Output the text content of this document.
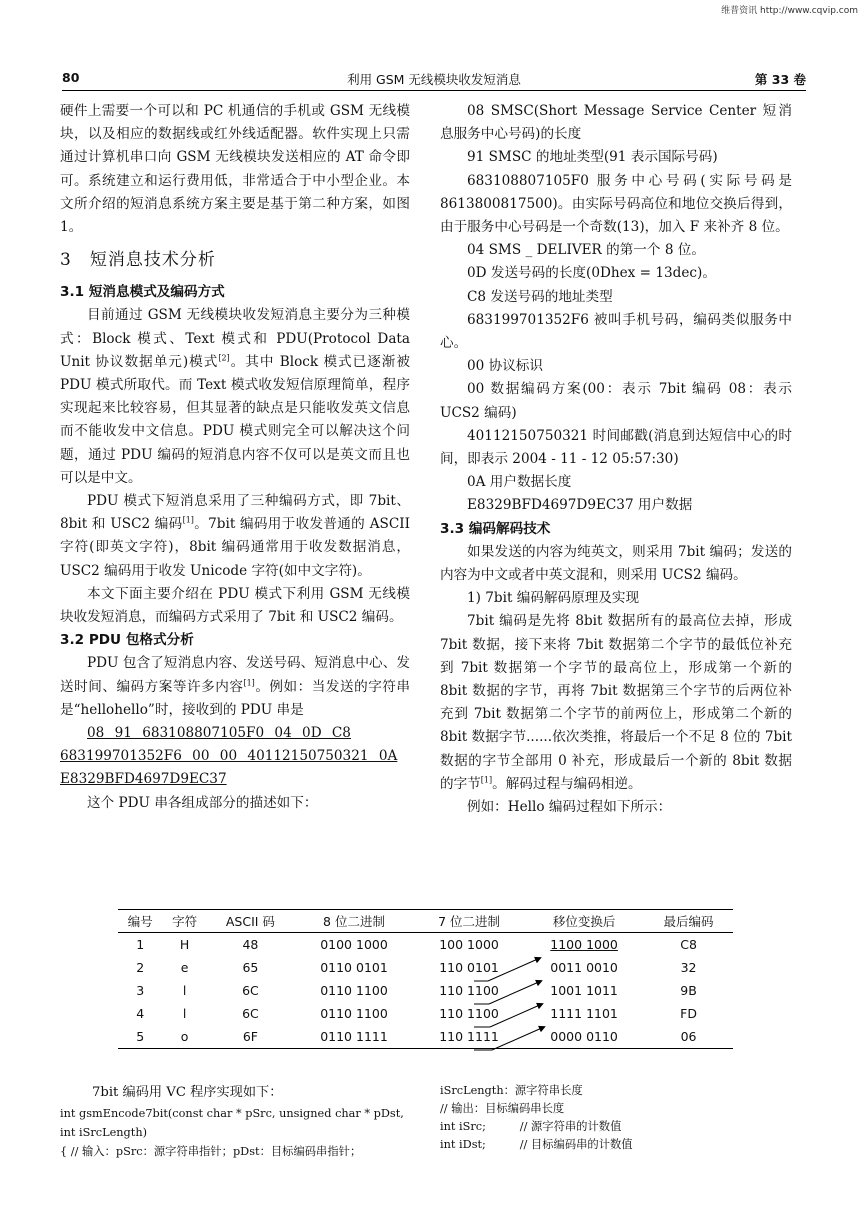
维普资讯 http://www.cqvip.com
80	利用 GSM 无线模块收发短消息	第 33 卷

硬件上需要一个可以和 PC 机通信的手机或 GSM 无线模块，以及相应的数据线或红外线适配器。软件实现上只需通过计算机串口向 GSM 无线模块发送相应的 AT 命令即可。系统建立和运行费用低，非常适合于中小型企业。本文所介绍的短消息系统方案主要是基于第二种方案，如图 1。

3　短消息技术分析
3.1 短消息模式及编码方式

目前通过 GSM 无线模块收发短消息主要分为三种模式：Block 模式、Text 模式和 PDU(Protocol Data Unit 协议数据单元)模式[2]。其中 Block 模式已逐渐被 PDU 模式所取代。而 Text 模式收发短信原理简单，程序实现起来比较容易，但其显著的缺点是只能收发英文信息而不能收发中文信息。PDU 模式则完全可以解决这个问题，通过 PDU 编码的短消息内容不仅可以是英文而且也可以是中文。

PDU 模式下短消息采用了三种编码方式，即 7bit、8bit 和 USC2 编码[1]。7bit 编码用于收发普通的 ASCII 字符(即英文字符)，8bit 编码通常用于收发数据消息，USC2 编码用于收发 Unicode 字符(如中文字符)。

本文下面主要介绍在 PDU 模式下利用 GSM 无线模块收发短消息，而编码方式采用了 7bit 和 USC2 编码。

3.2 PDU 包格式分析

PDU 包含了短消息内容、发送号码、短消息中心、发送时间、编码方案等许多内容[1]。例如：当发送的字符串是“hellohello”时，接收到的 PDU 串是

08 91 683108807105F0 04 0D C8

683199701352F6 00 00 40112150750321 0A

E8329BFD4697D9EC37

这个 PDU 串各组成部分的描述如下：

08 SMSC(Short Message Service Center 短消息服务中心号码)的长度

91 SMSC 的地址类型(91 表示国际号码)

683108807105F0 服务中心号码(实际号码是 8613800817500)。由实际号码高位和地位交换后得到，由于服务中心号码是一个奇数(13)，加入 F 来补齐 8 位。

04 SMS _ DELIVER 的第一个 8 位。

0D 发送号码的长度(0Dhex = 13dec)。

C8 发送号码的地址类型

683199701352F6 被叫手机号码，编码类似服务中心。

00 协议标识

00 数据编码方案(00：表示 7bit 编码 08：表示 UCS2 编码)

40112150750321 时间邮戳(消息到达短信中心的时间，即表示 2004 - 11 - 12 05:57:30)

0A 用户数据长度

E8329BFD4697D9EC37 用户数据

3.3 编码解码技术

如果发送的内容为纯英文，则采用 7bit 编码；发送的内容为中文或者中英文混和，则采用 UCS2 编码。

1) 7bit 编码解码原理及实现

7bit 编码是先将 8bit 数据所有的最高位去掉，形成 7bit 数据，接下来将 7bit 数据第二个字节的最低位补充到 7bit 数据第一个字节的最高位上，形成第一个新的 8bit 数据的字节，再将 7bit 数据第三个字节的后两位补充到 7bit 数据第二个字节的前两位上，形成第二个新的 8bit 数据字节......依次类推，将最后一个不足 8 位的 7bit 数据的字节全部用 0 补充，形成最后一个新的 8bit 数据的字节[1]。解码过程与编码相逆。

例如：Hello 编码过程如下所示：

编号	字符	ASCII 码	8 位二进制	7 位二进制	移位变换后	最后编码
1	H	48	0100 1000	100 1000	1100 1000	C8
2	e	65	0110 0101	110 0101	0011 0010	32
3	l	6C	0110 1100	110 1100	1001 1011	9B
4	l	6C	0110 1100	110 1100	1111 1101	FD
5	o	6F	0110 1111	110 1111	0000 0110	06
7bit 编码用 VC 程序实现如下：
int gsmEncode7bit(const char * pSrc, unsigned char * pDst,
int iSrcLength)
{ // 输入：pSrc：源字符串指针；pDst：目标编码串指针；
iSrcLength：源字符串长度
// 输出：目标编码串长度
int iSrc;　　　// 源字符串的计数值
int iDst;　　　// 目标编码串的计数值
